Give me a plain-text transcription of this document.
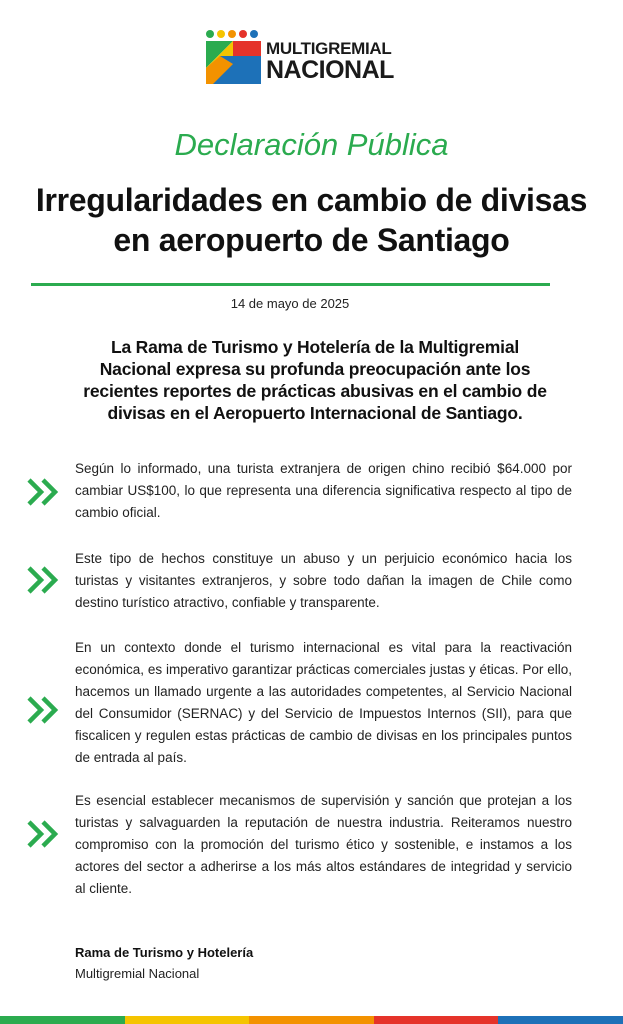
MULTIGREMIAL
NACIONAL
Declaración Pública
Irregularidades en cambio de divisas
en aeropuerto de Santiago
14 de mayo de 2025
La Rama de Turismo y Hotelería de la Multigremial Nacional expresa su profunda preocupación ante los recientes reportes de prácticas abusivas en el cambio de divisas en el Aeropuerto Internacional de Santiago.
Según lo informado, una turista extranjera de origen chino recibió $64.000 por cambiar US$100, lo que representa una diferencia significativa respecto al tipo de cambio oficial.
Este tipo de hechos constituye un abuso y un perjuicio económico hacia los turistas y visitantes extranjeros, y sobre todo dañan la imagen de Chile como destino turístico atractivo, confiable y transparente.
En un contexto donde el turismo internacional es vital para la reactivación económica, es imperativo garantizar prácticas comerciales justas y éticas. Por ello, hacemos un llamado urgente a las autoridades competentes, al Servicio Nacional del Consumidor (SERNAC) y del Servicio de Impuestos Internos (SII), para que fiscalicen y regulen estas prácticas de cambio de divisas en los principales puntos de entrada al país.
Es esencial establecer mecanismos de supervisión y sanción que protejan a los turistas y salvaguarden la reputación de nuestra industria. Reiteramos nuestro compromiso con la promoción del turismo ético y sostenible, e instamos a los actores del sector a adherirse a los más altos estándares de integridad y servicio al cliente.
Rama de Turismo y Hotelería
Multigremial Nacional
